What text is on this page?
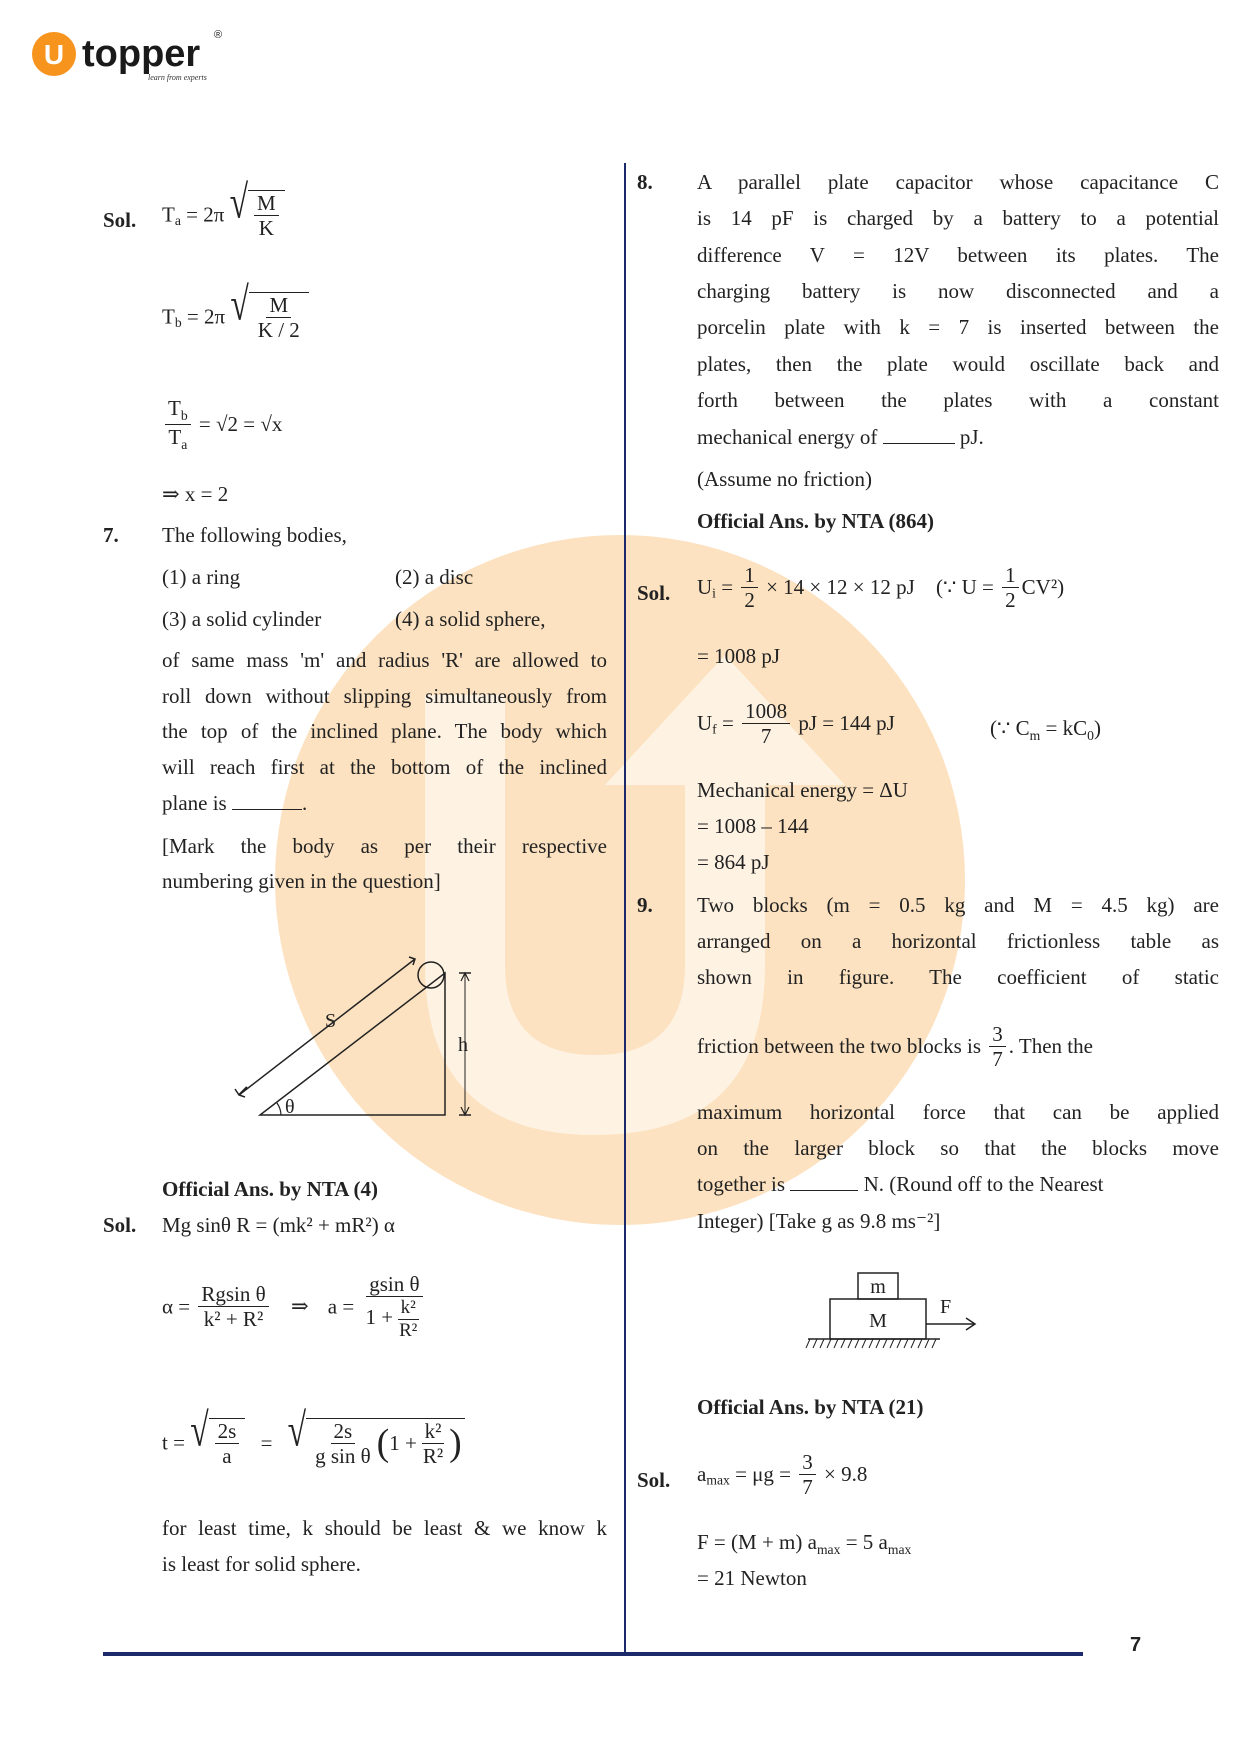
U topper ®
learn from experts
7
Sol. $T_a = 2\pi$ √ $\frac{M}{K}$
$T_b = 2\pi$ √ $\frac{M}{K / 2}$
$\frac{T_b}{T_a} = √2 = √x$
⇒ x = 2
7. The following bodies,
(1) a ring	(2) a disc
(3) a solid cylinder	(4) a solid sphere,
of same mass 'm' and radius 'R' are allowed to
roll down without slipping simultaneously from
the top of the inclined plane. The body which
will reach first at the bottom of the inclined
plane is	.
[Mark the body as per their respective
numbering given in the question]
S
h
θ
Official Ans. by NTA (4)
Sol. Mg sinθ R = (mk² + mR²) α
$\alpha = \frac{\text{Rgsin θ}}{\text{k² + R²}}$ ⇒ $a = \frac{\text{gsin θ}}{1 + \frac{\text{k²}}{\text{R²}}}$
t = √ $\frac{2s}{a}$ = √ $\frac{2s}{\text{g sin θ}}$ ( $1 + \frac{\text{k²}}{\text{R²}}$ )
for least time, k should be least & we know k
is least for solid sphere.
8. A parallel plate capacitor whose capacitance C
is 14 pF is charged by a battery to a potential
difference V = 12V between its plates. The
charging battery is now disconnected and a
porcelin plate with k = 7 is inserted between the
plates, then the plate would oscillate back and
forth between the plates with a constant
mechanical energy of	pJ.
(Assume no friction)
Official Ans. by NTA (864)
Sol. $U_i = \frac{1}{2} \times 14 \times 12 \times 12$ pJ (∵ $U = \frac{1}{2} CV^2$)
= 1008 pJ
$U_f = \frac{1008}{7}$ pJ = 144 pJ	(∵ $C_m = kC_0$)
Mechanical energy = ΔU
= 1008 – 144
= 864 pJ
9. Two blocks (m = 0.5 kg and M = 4.5 kg) are
arranged on a horizontal frictionless table as
shown in figure. The coefficient of static
friction between the two blocks is $\frac{3}{7}$ . Then the
maximum horizontal force that can be applied
on the larger block so that the blocks move
together is	N. (Round off to the Nearest
Integer) [Take g as 9.8 ms⁻²]
m
M
F
Official Ans. by NTA (21)
Sol. $a_{max} = \mu g = \frac{3}{7} \times 9.8$
F = (M + m) $a_{max} = 5$ $a_{max}$
= 21 Newton
